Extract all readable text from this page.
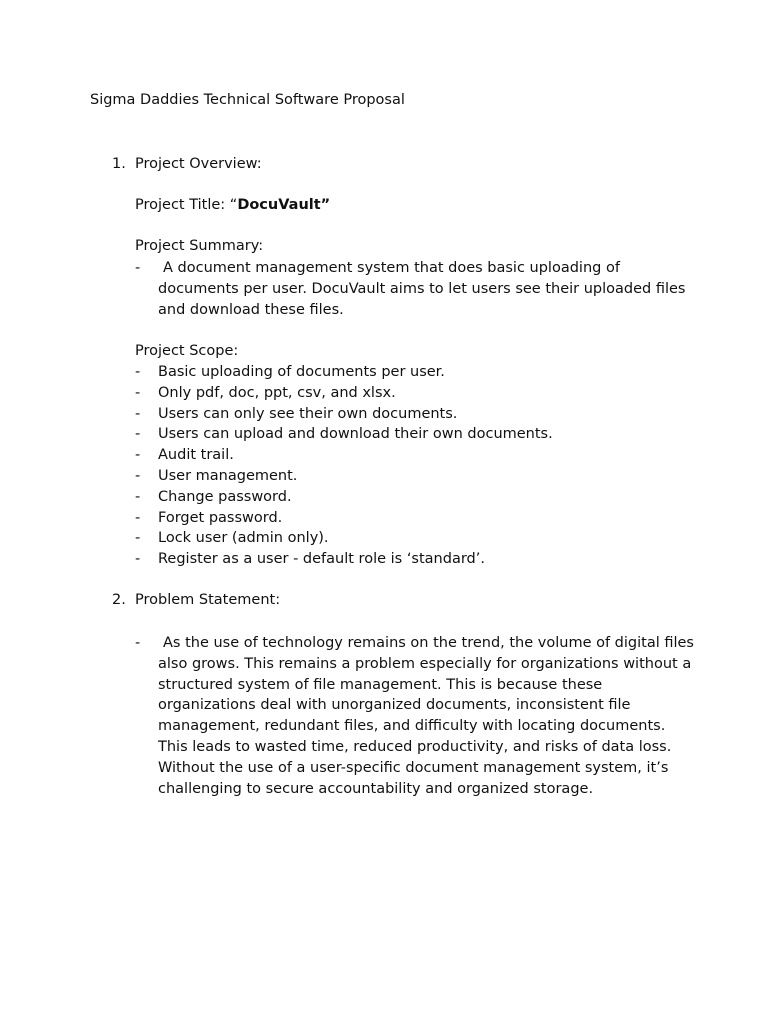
Sigma Daddies Technical Software Proposal
1. Project Overview:
Project Title: “DocuVault”
Project Summary:
- A document management system that does basic uploading of documents per user. DocuVault aims to let users see their uploaded files and download these files.
Project Scope:
- Basic uploading of documents per user.
- Only pdf, doc, ppt, csv, and xlsx.
- Users can only see their own documents.
- Users can upload and download their own documents.
- Audit trail.
- User management.
- Change password.
- Forget password.
- Lock user (admin only).
- Register as a user - default role is ‘standard’.
2. Problem Statement:
- As the use of technology remains on the trend, the volume of digital files also grows. This remains a problem especially for organizations without a structured system of file management. This is because these organizations deal with unorganized documents, inconsistent file management, redundant files, and difficulty with locating documents. This leads to wasted time, reduced productivity, and risks of data loss. Without the use of a user-specific document management system, it’s challenging to secure accountability and organized storage.
